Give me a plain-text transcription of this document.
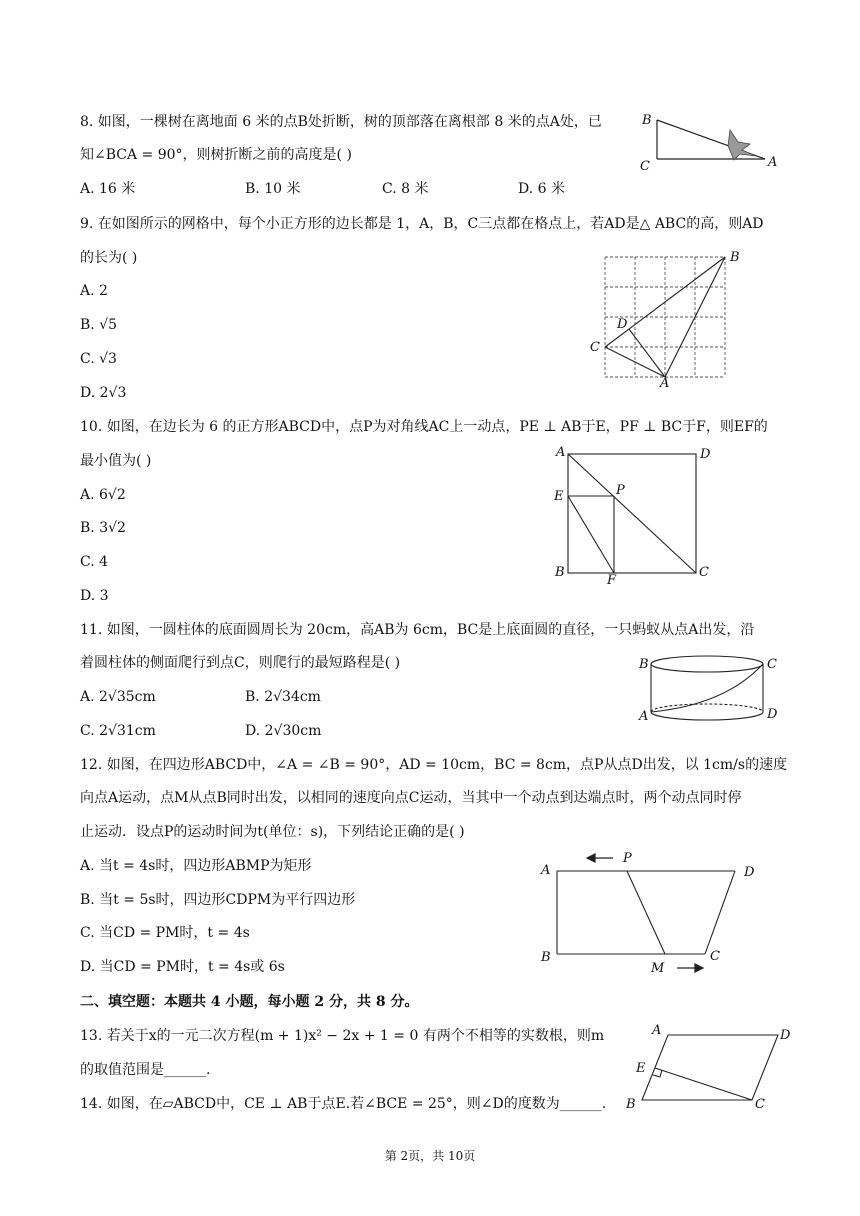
8. 如图，一棵树在离地面 6 米的点B处折断，树的顶部落在离根部 8 米的点A处，已
知∠BCA = 90°，则树折断之前的高度是( )
A. 16 米	B. 10 米	C. 8 米	D. 6 米
B
C	A
9. 在如图所示的网格中，每个小正方形的边长都是 1，A，B，C三点都在格点上，若AD是△ ABC的高，则AD
的长为( )
A. 2
B. √5
C. √3
D. 2√3
B
C
D
A
10. 如图，在边长为 6 的正方形ABCD中，点P为对角线AC上一动点，PE ⊥ AB于E，PF ⊥ BC于F，则EF的
最小值为( )
A. 6√2
B. 3√2
C. 4
D. 3
A	D
E	P
B
F
C
11. 如图，一圆柱体的底面圆周长为 20cm，高AB为 6cm，BC是上底面圆的直径，一只蚂蚁从点A出发，沿
着圆柱体的侧面爬行到点C，则爬行的最短路程是( )
A. 2√35cm	B. 2√34cm
C. 2√31cm	D. 2√30cm
B	C
A	D
12. 如图，在四边形ABCD中，∠A = ∠B = 90°，AD = 10cm，BC = 8cm，点P从点D出发，以 1cm/s的速度
向点A运动，点M从点B同时出发，以相同的速度向点C运动，当其中一个动点到达端点时，两个动点同时停
止运动．设点P的运动时间为t(单位：s)，下列结论正确的是( )
A. 当t = 4s时，四边形ABMP为矩形
B. 当t = 5s时，四边形CDPM为平行四边形
C. 当CD = PM时，t = 4s
D. 当CD = PM时，t = 4s或 6s
A
P
D
B
M
C
二、填空题：本题共 4 小题，每小题 2 分，共 8 分。
13. 若关于x的一元二次方程(m + 1)x² − 2x + 1 = 0 有两个不相等的实数根，则m
的取值范围是______.
14. 如图，在▱ABCD中，CE ⊥ AB于点E.若∠BCE = 25°，则∠D的度数为______.
A	D
E
B	C
第 2页，共 10页
